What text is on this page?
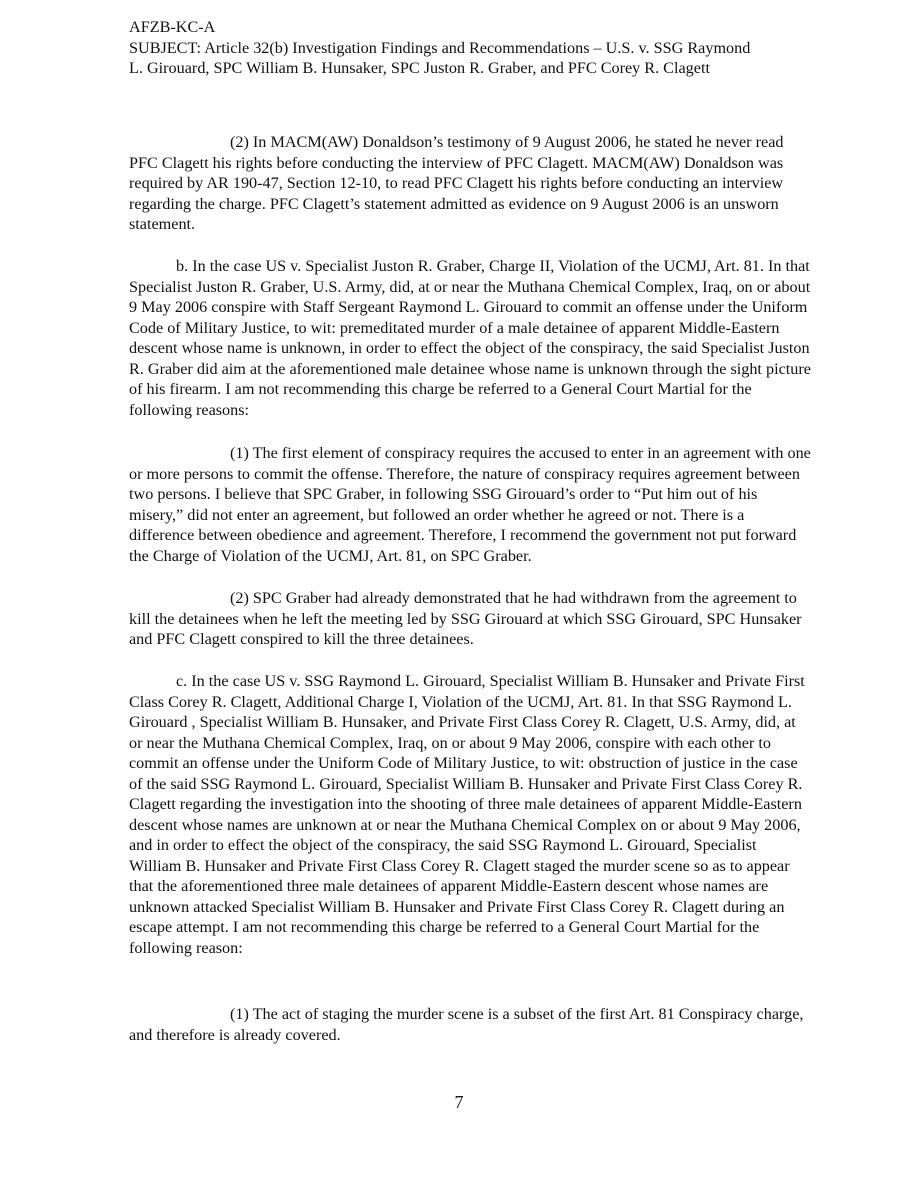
AFZB-KC-A
SUBJECT: Article 32(b) Investigation Findings and Recommendations – U.S. v. SSG Raymond
L. Girouard, SPC William B. Hunsaker, SPC Juston R. Graber, and PFC Corey R. Clagett

(2) In MACM(AW) Donaldson’s testimony of 9 August 2006, he stated he never read PFC Clagett his rights before conducting the interview of PFC Clagett. MACM(AW) Donaldson was required by AR 190-47, Section 12-10, to read PFC Clagett his rights before conducting an interview regarding the charge. PFC Clagett’s statement admitted as evidence on 9 August 2006 is an unsworn statement.

b. In the case US v. Specialist Juston R. Graber, Charge II, Violation of the UCMJ, Art. 81. In that Specialist Juston R. Graber, U.S. Army, did, at or near the Muthana Chemical Complex, Iraq, on or about 9 May 2006 conspire with Staff Sergeant Raymond L. Girouard to commit an offense under the Uniform Code of Military Justice, to wit: premeditated murder of a male detainee of apparent Middle-Eastern descent whose name is unknown, in order to effect the object of the conspiracy, the said Specialist Juston R. Graber did aim at the aforementioned male detainee whose name is unknown through the sight picture of his firearm. I am not recommending this charge be referred to a General Court Martial for the following reasons:

(1) The first element of conspiracy requires the accused to enter in an agreement with one or more persons to commit the offense. Therefore, the nature of conspiracy requires agreement between two persons. I believe that SPC Graber, in following SSG Girouard’s order to “Put him out of his misery,” did not enter an agreement, but followed an order whether he agreed or not. There is a difference between obedience and agreement. Therefore, I recommend the government not put forward the Charge of Violation of the UCMJ, Art. 81, on SPC Graber.

(2) SPC Graber had already demonstrated that he had withdrawn from the agreement to kill the detainees when he left the meeting led by SSG Girouard at which SSG Girouard, SPC Hunsaker and PFC Clagett conspired to kill the three detainees.

c. In the case US v. SSG Raymond L. Girouard, Specialist William B. Hunsaker and Private First Class Corey R. Clagett, Additional Charge I, Violation of the UCMJ, Art. 81. In that SSG Raymond L. Girouard , Specialist William B. Hunsaker, and Private First Class Corey R. Clagett, U.S. Army, did, at or near the Muthana Chemical Complex, Iraq, on or about 9 May 2006, conspire with each other to commit an offense under the Uniform Code of Military Justice, to wit: obstruction of justice in the case of the said SSG Raymond L. Girouard, Specialist William B. Hunsaker and Private First Class Corey R. Clagett regarding the investigation into the shooting of three male detainees of apparent Middle-Eastern descent whose names are unknown at or near the Muthana Chemical Complex on or about 9 May 2006, and in order to effect the object of the conspiracy, the said SSG Raymond L. Girouard, Specialist William B. Hunsaker and Private First Class Corey R. Clagett staged the murder scene so as to appear that the aforementioned three male detainees of apparent Middle-Eastern descent whose names are unknown attacked Specialist William B. Hunsaker and Private First Class Corey R. Clagett during an escape attempt. I am not recommending this charge be referred to a General Court Martial for the following reason:

(1) The act of staging the murder scene is a subset of the first Art. 81 Conspiracy charge, and therefore is already covered.

7
